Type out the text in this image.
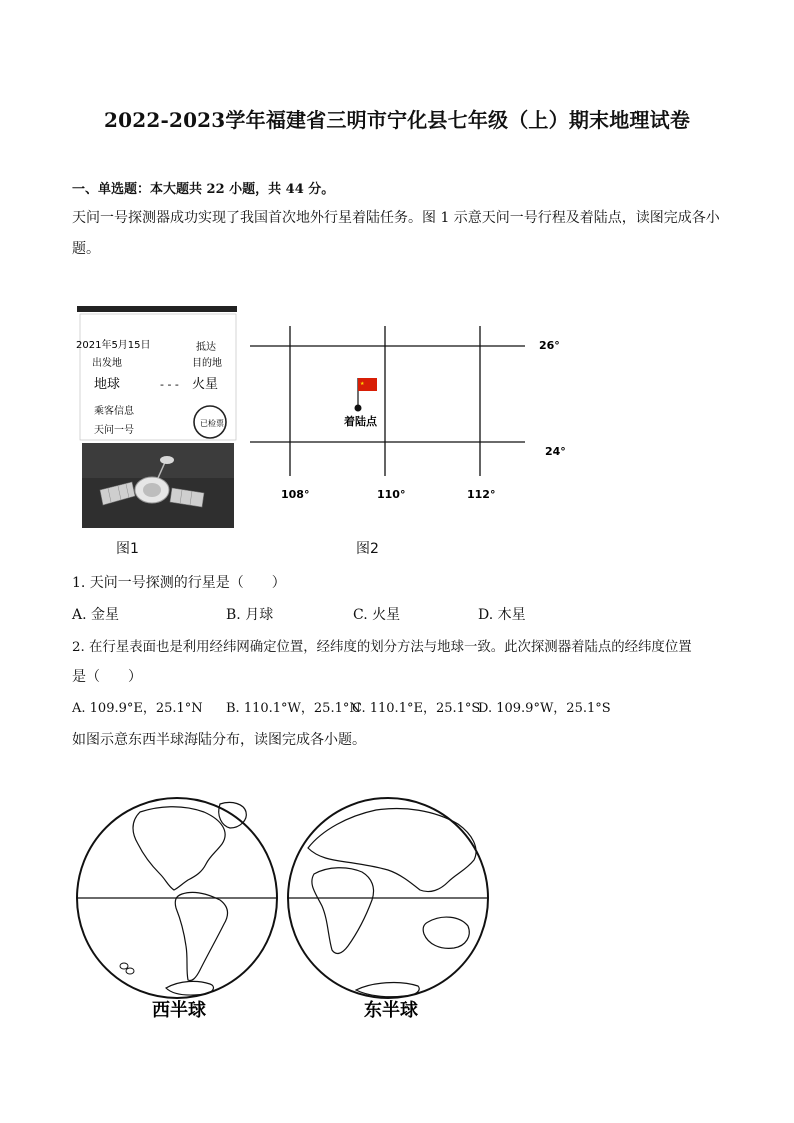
2022-2023学年福建省三明市宁化县七年级（上）期末地理试卷
一、单选题：本大题共 22 小题，共 44 分。
天问一号探测器成功实现了我国首次地外行星着陆任务。图 1 示意天问一号行程及着陆点，读图完成各小
题。
2021年5月15日
出发地
抵达
目的地
地球	- - - 火星
乘客信息
天问一号
已检票
图1
26°
24°
108°	110°	112°
★
着陆点
图2
1. 天问一号探测的行星是（　　）
A. 金星	B. 月球	C. 火星	D. 木星
2. 在行星表面也是利用经纬网确定位置，经纬度的划分方法与地球一致。此次探测器着陆点的经纬度位置
是（　　）
A. 109.9°E，25.1°N B. 110.1°W，25.1°N
C. 110.1°E，25.1°S
D. 109.9°W，25.1°S
如图示意东西半球海陆分布，读图完成各小题。
西半球	东半球
